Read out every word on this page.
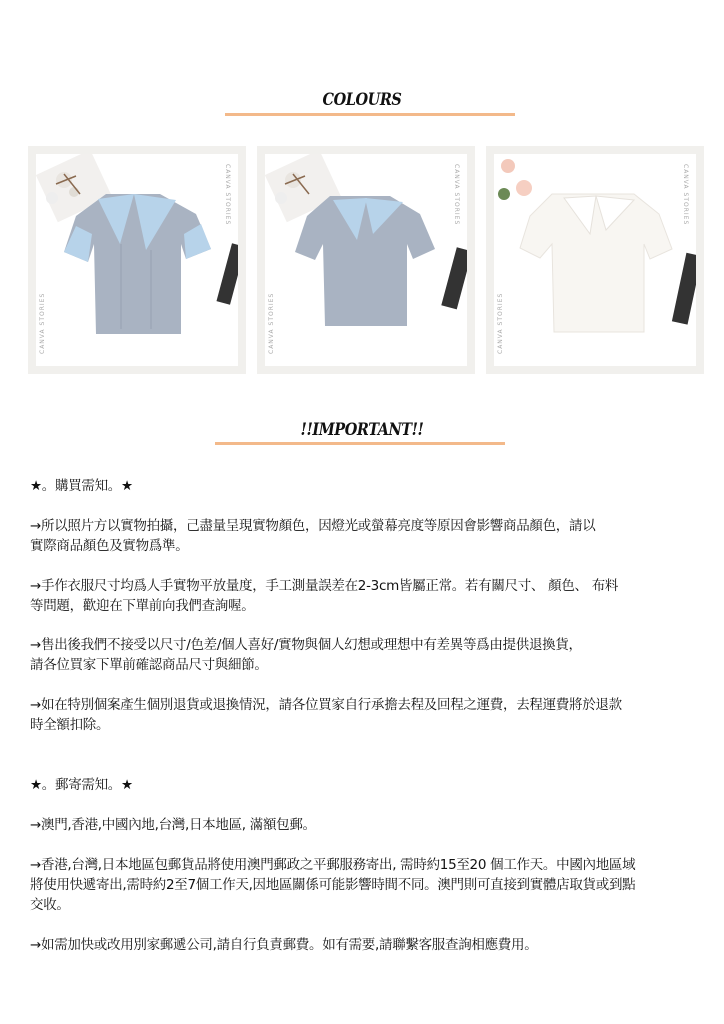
COLOURS
CANVA STORIES
CANVA STORIES
CANVA STORIES
CANVA STORIES
CANVA STORIES
CANVA STORIES
!!IMPORTANT!!
★。購買需知。★
→所以照片方以實物拍攝，己盡量呈現實物顏色，因燈光或螢幕亮度等原因會影響商品顏色，請以
實際商品顏色及實物爲準。
→手作衣服尺寸均爲人手實物平放量度，手工測量誤差在2-3cm皆屬正常。若有關尺寸、 顏色、 布料
等問題，歡迎在下單前向我們查詢喔。
→售出後我們不接受以尺寸/色差/個人喜好/實物與個人幻想或理想中有差異等爲由提供退換貨，
請各位買家下單前確認商品尺寸與細節。
→如在特別個案產生個別退貨或退換情況，請各位買家自行承擔去程及回程之運費，去程運費將於退款
時全額扣除。
★。郵寄需知。★
→澳門,香港,中國內地,台灣,日本地區, 滿額包郵。
→香港,台灣,日本地區包郵貨品將使用澳門郵政之平郵服務寄出, 需時約15至20 個工作天。中國內地區域
將使用快遞寄出,需時約2至7個工作天,因地區關係可能影響時間不同。澳門則可直接到實體店取貨或到點
交收。
→如需加快或改用別家郵遞公司,請自行負責郵費。如有需要,請聯繫客服查詢相應費用。
